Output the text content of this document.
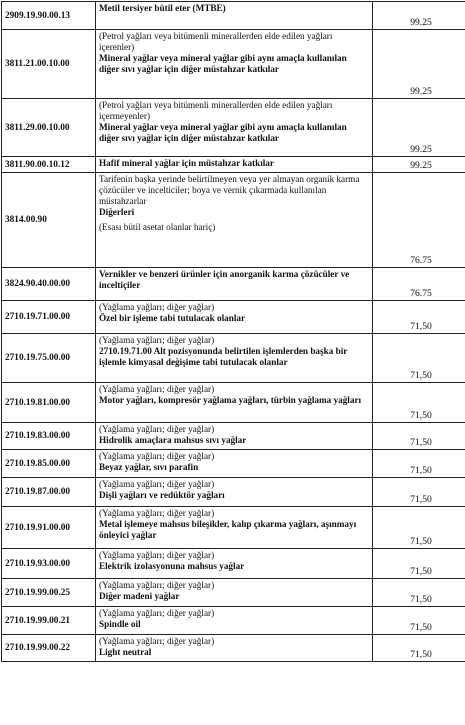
2909.19.90.00.13	Metil tersiyer bütil eter (MTBE)	99.25
3811.21.00.10.00	(Petrol yağları veya bitümenli minerallerden elde edilen yağları içerenler)
Mineral yağlar veya mineral yağlar gibi aynı amaçla kullanılan diğer sıvı yağlar için diğer müstahzar katkılar	99.25
3811.29.00.10.00	(Petrol yağları veya bitümenli minerallerden elde edilen yağları içermeyenler)
Mineral yağlar veya mineral yağlar gibi aynı amaçla kullanılan diğer sıvı yağlar için diğer müstahzar katkılar	99.25
3811.90.00.10.12	Hafif mineral yağlar için müstahzar katkılar	99.25
3814.00.90	Tarifenin başka yerinde belirtilmeyen veya yer almayan organik karma çözücüler ve incelticiler; boya ve vernik çıkarmada kullanılan müstahzarlar
Diğerleri
(Esası bütil asetat olanlar hariç)	76.75
3824.90.40.00.00	Vernikler ve benzeri ürünler için anorganik karma çözücüler ve inceltiçiler	76.75
2710.19.71.00.00	(Yağlama yağları; diğer yağlar)
Özel bir işleme tabi tutulacak olanlar	71,50
2710.19.75.00.00	(Yağlama yağları; diğer yağlar)
2710.19.71.00 Alt pozisyonunda belirtilen işlemlerden başka bir işlemle kimyasal değişime tabi tutulacak olanlar	71,50
2710.19.81.00.00	(Yağlama yağları; diğer yağlar)
Motor yağları, kompresör yağlama yağları, türbin yağlama yağları	71,50
2710.19.83.00.00	(Yağlama yağları; diğer yağlar)
Hidrolik amaçlara mahsus sıvı yağlar	71,50
2710.19.85.00.00	(Yağlama yağları; diğer yağlar)
Beyaz yağlar, sıvı parafin	71,50
2710.19.87.00.00	(Yağlama yağları; diğer yağlar)
Dişli yağları ve redüktör yağları	71,50
2710.19.91.00.00	(Yağlama yağları; diğer yağlar)
Metal işlemeye mahsus bileşikler, kalıp çıkarma yağları, aşınmayı önleyici yağlar	71,50
2710.19.93.00.00	(Yağlama yağları; diğer yağlar)
Elektrik izolasyonuna mahsus yağlar	71,50
2710.19.99.00.25	(Yağlama yağları; diğer yağlar)
Diğer madeni yağlar	71,50
2710.19.99.00.21	(Yağlama yağları; diğer yağlar)
Spindle oil	71,50
2710.19.99.00.22	(Yağlama yağları; diğer yağlar)
Light neutral	71,50
